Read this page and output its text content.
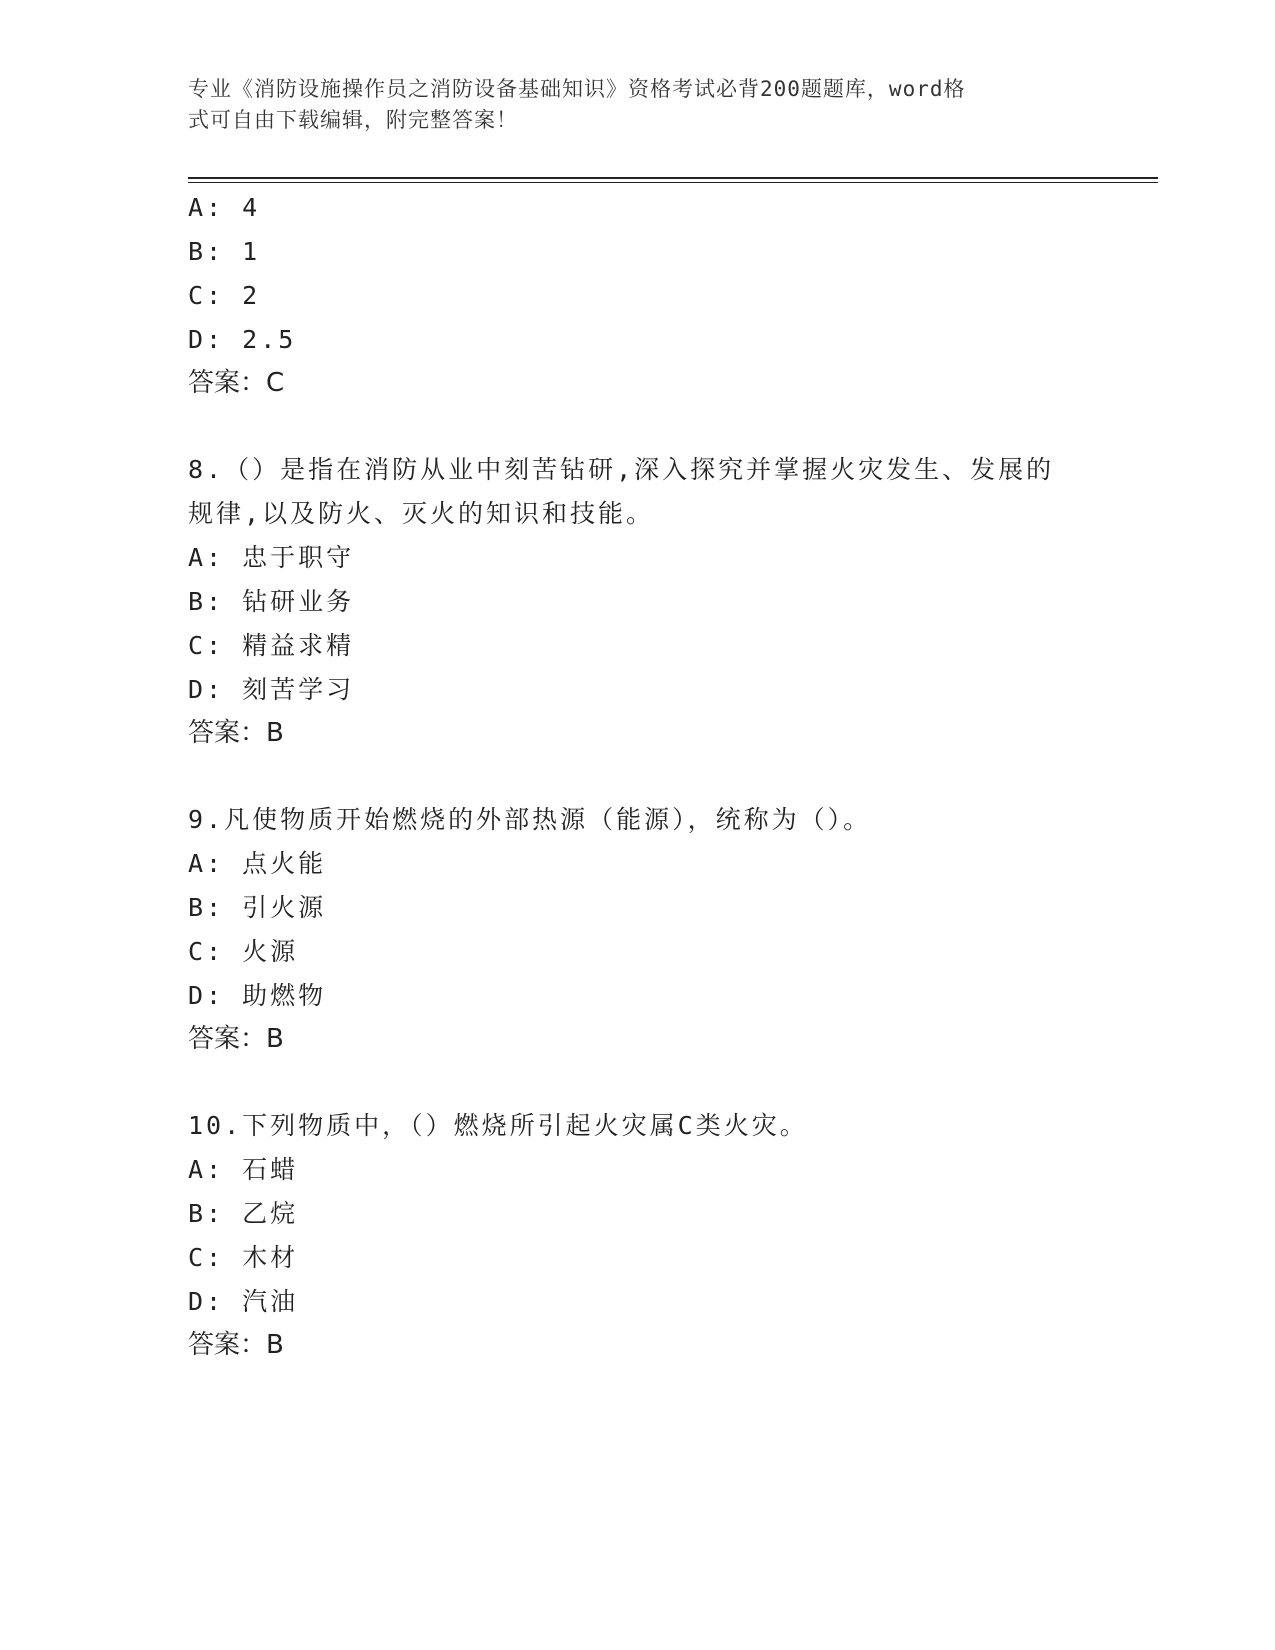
专业《消防设施操作员之消防设备基础知识》资格考试必背200题题库，word格
式可自由下载编辑，附完整答案！
A: 4
B: 1
C: 2
D: 2.5
答案：C
8.（）是指在消防从业中刻苦钻研,深入探究并掌握火灾发生、发展的
规律,以及防火、灭火的知识和技能。
A: 忠于职守
B: 钻研业务
C: 精益求精
D: 刻苦学习
答案：B
9.凡使物质开始燃烧的外部热源（能源），统称为（）。
A: 点火能
B: 引火源
C: 火源
D: 助燃物
答案：B
10.下列物质中，（）燃烧所引起火灾属C类火灾。
A: 石蜡
B: 乙烷
C: 木材
D: 汽油
答案：B
